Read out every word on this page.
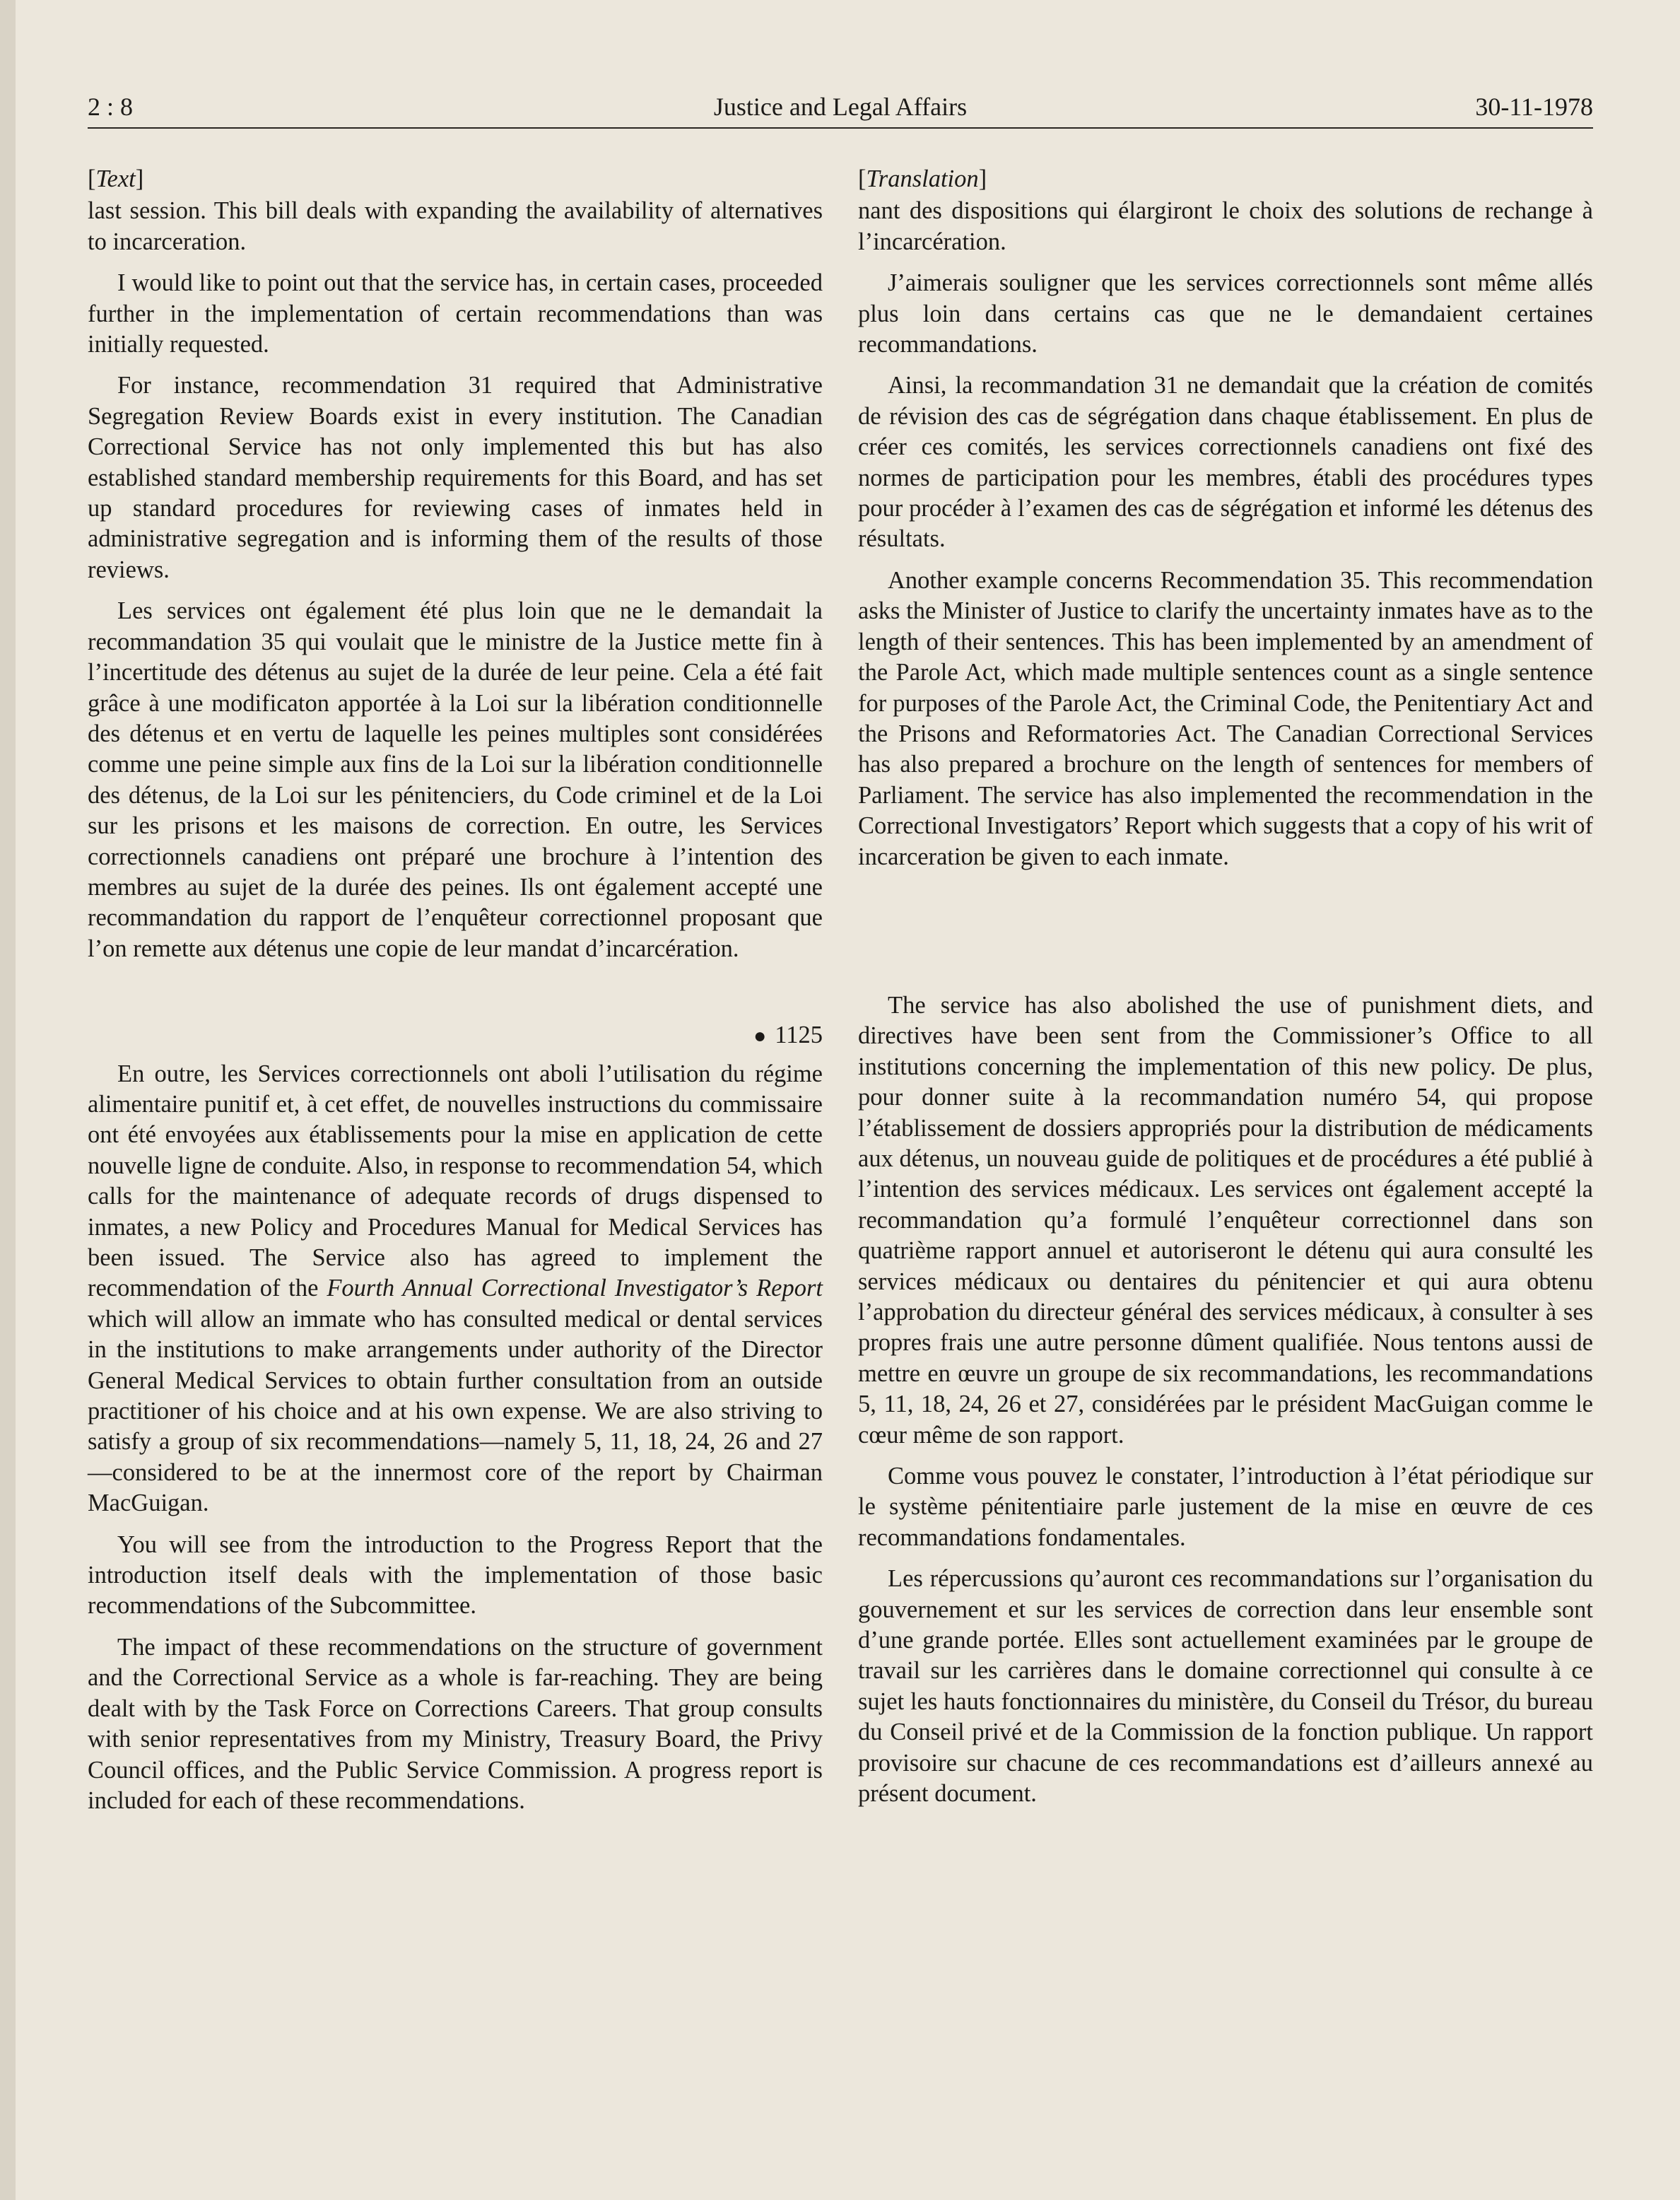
2 : 8	Justice and Legal Affairs	30-11-1978
[Text]

last session. This bill deals with expanding the availability of alternatives to incarceration.

I would like to point out that the service has, in certain cases, proceeded further in the implementation of certain recommendations than was initially requested.

For instance, recommendation 31 required that Administrative Segregation Review Boards exist in every institution. The Canadian Correctional Service has not only implemented this but has also established standard membership requirements for this Board, and has set up standard procedures for reviewing cases of inmates held in administrative segregation and is informing them of the results of those reviews.

Les services ont également été plus loin que ne le demandait la recommandation 35 qui voulait que le ministre de la Justice mette fin à l’incertitude des détenus au sujet de la durée de leur peine. Cela a été fait grâce à une modificaton apportée à la Loi sur la libération conditionnelle des détenus et en vertu de laquelle les peines multiples sont considérées comme une peine simple aux fins de la Loi sur la libération conditionnelle des détenus, de la Loi sur les pénitenciers, du Code criminel et de la Loi sur les prisons et les maisons de correction. En outre, les Services correctionnels canadiens ont préparé une brochure à l’intention des membres au sujet de la durée des peines. Ils ont également accepté une recommandation du rapport de l’enquêteur correctionnel proposant que l’on remette aux détenus une copie de leur mandat d’incarcération.

● 1125

En outre, les Services correctionnels ont aboli l’utilisation du régime alimentaire punitif et, à cet effet, de nouvelles instructions du commissaire ont été envoyées aux établissements pour la mise en application de cette nouvelle ligne de conduite. Also, in response to recommendation 54, which calls for the maintenance of adequate records of drugs dispensed to inmates, a new Policy and Procedures Manual for Medical Services has been issued. The Service also has agreed to implement the recommendation of the Fourth Annual Correctional Investigator’s Report which will allow an immate who has consulted medical or dental services in the institutions to make arrangements under authority of the Director General Medical Services to obtain further consultation from an outside practitioner of his choice and at his own expense. We are also striving to satisfy a group of six recommendations—namely 5, 11, 18, 24, 26 and 27—considered to be at the innermost core of the report by Chairman MacGuigan.

You will see from the introduction to the Progress Report that the introduction itself deals with the implementation of those basic recommendations of the Subcommittee.

The impact of these recommendations on the structure of government and the Correctional Service as a whole is far-reaching. They are being dealt with by the Task Force on Corrections Careers. That group consults with senior representatives from my Ministry, Treasury Board, the Privy Council offices, and the Public Service Commission. A progress report is included for each of these recommendations.

[Translation]

nant des dispositions qui élargiront le choix des solutions de rechange à l’incarcération.

J’aimerais souligner que les services correctionnels sont même allés plus loin dans certains cas que ne le demandaient certaines recommandations.

Ainsi, la recommandation 31 ne demandait que la création de comités de révision des cas de ségrégation dans chaque établissement. En plus de créer ces comités, les services correctionnels canadiens ont fixé des normes de participation pour les membres, établi des procédures types pour procéder à l’examen des cas de ségrégation et informé les détenus des résultats.

Another example concerns Recommendation 35. This recommendation asks the Minister of Justice to clarify the uncertainty inmates have as to the length of their sentences. This has been implemented by an amendment of the Parole Act, which made multiple sentences count as a single sentence for purposes of the Parole Act, the Criminal Code, the Penitentiary Act and the Prisons and Reformatories Act. The Canadian Correctional Services has also prepared a brochure on the length of sentences for members of Parliament. The service has also implemented the recommendation in the Correctional Investigators’ Report which suggests that a copy of his writ of incarceration be given to each inmate.

The service has also abolished the use of punishment diets, and directives have been sent from the Commissioner’s Office to all institutions concerning the implementation of this new policy. De plus, pour donner suite à la recommandation numéro 54, qui propose l’établissement de dossiers appropriés pour la distribution de médicaments aux détenus, un nouveau guide de politiques et de procédures a été publié à l’intention des services médicaux. Les services ont également accepté la recommandation qu’a formulé l’enquêteur correctionnel dans son quatrième rapport annuel et autoriseront le détenu qui aura consulté les services médicaux ou dentaires du pénitencier et qui aura obtenu l’approbation du directeur général des services médicaux, à consulter à ses propres frais une autre personne dûment qualifiée. Nous tentons aussi de mettre en œuvre un groupe de six recommandations, les recommandations 5, 11, 18, 24, 26 et 27, considérées par le président MacGuigan comme le cœur même de son rapport.

Comme vous pouvez le constater, l’introduction à l’état périodique sur le système pénitentiaire parle justement de la mise en œuvre de ces recommandations fondamentales.

Les répercussions qu’auront ces recommandations sur l’organisation du gouvernement et sur les services de correction dans leur ensemble sont d’une grande portée. Elles sont actuellement examinées par le groupe de travail sur les carrières dans le domaine correctionnel qui consulte à ce sujet les hauts fonctionnaires du ministère, du Conseil du Trésor, du bureau du Conseil privé et de la Commission de la fonction publique. Un rapport provisoire sur chacune de ces recommandations est d’ailleurs annexé au présent document.
